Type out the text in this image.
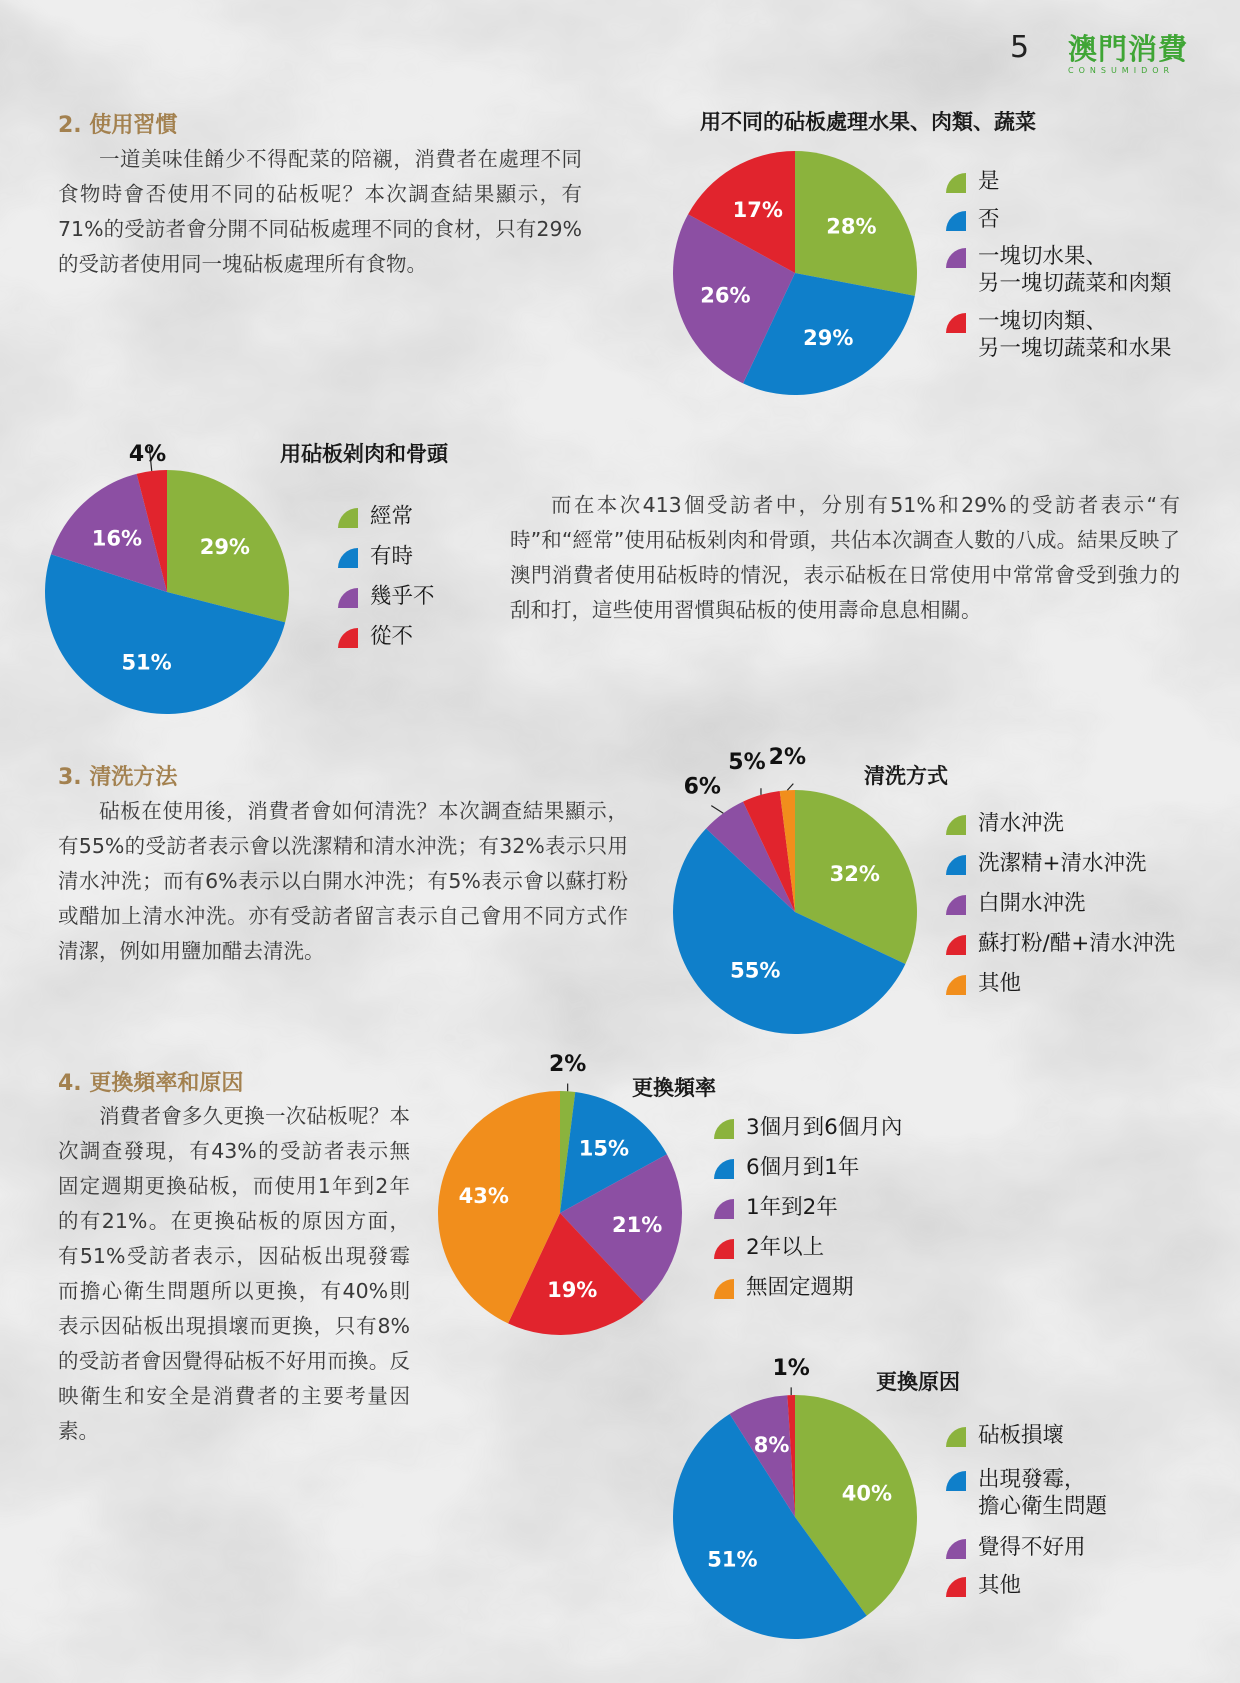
5 澳門消費
CONSUMIDOR
2. 使用習慣

一道美味佳餚少不得配菜的陪襯，消費者在處理不同食物時會否使用不同的砧板呢？本次調查結果顯示，有71%的受訪者會分開不同砧板處理不同的食材，只有29%的受訪者使用同一塊砧板處理所有食物。

用不同的砧板處理水果、肉類、蔬菜
28%
29%
26%
17%
是
否
一塊切水果、
另一塊切蔬菜和肉類
一塊切肉類、
另一塊切蔬菜和水果
用砧板剁肉和骨頭
29%
51%
16%
4%
經常
有時
幾乎不
從不

而在本次413個受訪者中，分別有51%和29%的受訪者表示“有時”和“經常”使用砧板剁肉和骨頭，共佔本次調查人數的八成。結果反映了澳門消費者使用砧板時的情況，表示砧板在日常使用中常常會受到強力的刮和打，這些使用習慣與砧板的使用壽命息息相關。

3. 清洗方法

砧板在使用後，消費者會如何清洗？本次調查結果顯示，有55%的受訪者表示會以洗潔精和清水沖洗；有32%表示只用清水沖洗；而有6%表示以白開水沖洗；有5%表示會以蘇打粉或醋加上清水沖洗。亦有受訪者留言表示自己會用不同方式作清潔，例如用鹽加醋去清洗。

清洗方式
32%
55%
6%
5% 2%
清水沖洗
洗潔精+清水沖洗
白開水沖洗
蘇打粉/醋+清水沖洗
其他
4. 更換頻率和原因

消費者會多久更換一次砧板呢？本次調查發現，有43%的受訪者表示無固定週期更換砧板，而使用1年到2年的有21%。在更換砧板的原因方面，有51%受訪者表示，因砧板出現發霉而擔心衛生問題所以更換，有40%則表示因砧板出現損壞而更換，只有8%的受訪者會因覺得砧板不好用而換。反映衛生和安全是消費者的主要考量因素。

更換頻率
2%
15%
21%
19%
43%
3個月到6個月內
6個月到1年
1年到2年
2年以上
無固定週期
更換原因
40%
51%
8%
1%
砧板損壞
出現發霉，
擔心衛生問題
覺得不好用
其他
